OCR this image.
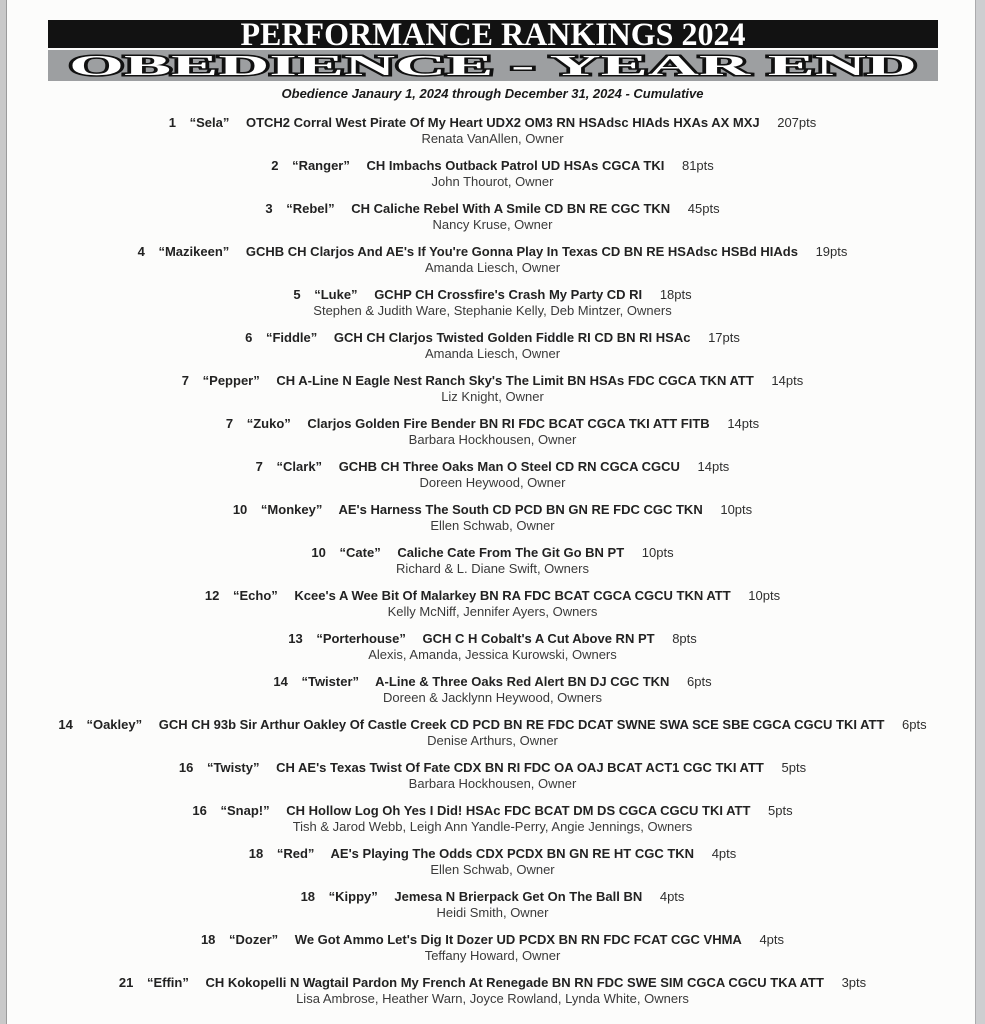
PERFORMANCE RANKINGS 2024
OBEDIENCE - YEAR END
Obedience Janaury 1, 2024 through December 31, 2024 - Cumulative
1 “Sela” OTCH2 Corral West Pirate Of My Heart UDX2 OM3 RN HSAdsc HIAds HXAs AX MXJ 207pts
Renata VanAllen, Owner
2 “Ranger” CH Imbachs Outback Patrol UD HSAs CGCA TKI 81pts
John Thourot, Owner
3 “Rebel” CH Caliche Rebel With A Smile CD BN RE CGC TKN 45pts
Nancy Kruse, Owner
4 “Mazikeen” GCHB CH Clarjos And AE's If You're Gonna Play In Texas CD BN RE HSAdsc HSBd HIAds 19pts
Amanda Liesch, Owner
5 “Luke” GCHP CH Crossfire's Crash My Party CD RI 18pts
Stephen & Judith Ware, Stephanie Kelly, Deb Mintzer, Owners
6 “Fiddle” GCH CH Clarjos Twisted Golden Fiddle RI CD BN RI HSAc 17pts
Amanda Liesch, Owner
7 “Pepper” CH A-Line N Eagle Nest Ranch Sky's The Limit BN HSAs FDC CGCA TKN ATT 14pts
Liz Knight, Owner
7 “Zuko” Clarjos Golden Fire Bender BN RI FDC BCAT CGCA TKI ATT FITB 14pts
Barbara Hockhousen, Owner
7 “Clark” GCHB CH Three Oaks Man O Steel CD RN CGCA CGCU 14pts
Doreen Heywood, Owner
10 “Monkey” AE's Harness The South CD PCD BN GN RE FDC CGC TKN 10pts
Ellen Schwab, Owner
10 “Cate” Caliche Cate From The Git Go BN PT 10pts
Richard & L. Diane Swift, Owners
12 “Echo” Kcee's A Wee Bit Of Malarkey BN RA FDC BCAT CGCA CGCU TKN ATT 10pts
Kelly McNiff, Jennifer Ayers, Owners
13 “Porterhouse” GCH C H Cobalt's A Cut Above RN PT 8pts
Alexis, Amanda, Jessica Kurowski, Owners
14 “Twister” A-Line & Three Oaks Red Alert BN DJ CGC TKN 6pts
Doreen & Jacklynn Heywood, Owners
14 “Oakley” GCH CH 93b Sir Arthur Oakley Of Castle Creek CD PCD BN RE FDC DCAT SWNE SWA SCE SBE CGCA CGCU TKI ATT 6pts
Denise Arthurs, Owner
16 “Twisty” CH AE's Texas Twist Of Fate CDX BN RI FDC OA OAJ BCAT ACT1 CGC TKI ATT 5pts
Barbara Hockhousen, Owner
16 “Snap!” CH Hollow Log Oh Yes I Did! HSAc FDC BCAT DM DS CGCA CGCU TKI ATT 5pts
Tish & Jarod Webb, Leigh Ann Yandle-Perry, Angie Jennings, Owners
18 “Red” AE's Playing The Odds CDX PCDX BN GN RE HT CGC TKN 4pts
Ellen Schwab, Owner
18 “Kippy” Jemesa N Brierpack Get On The Ball BN 4pts
Heidi Smith, Owner
18 “Dozer” We Got Ammo Let's Dig It Dozer UD PCDX BN RN FDC FCAT CGC VHMA 4pts
Teffany Howard, Owner
21 “Effin” CH Kokopelli N Wagtail Pardon My French At Renegade BN RN FDC SWE SIM CGCA CGCU TKA ATT 3pts
Lisa Ambrose, Heather Warn, Joyce Rowland, Lynda White, Owners
